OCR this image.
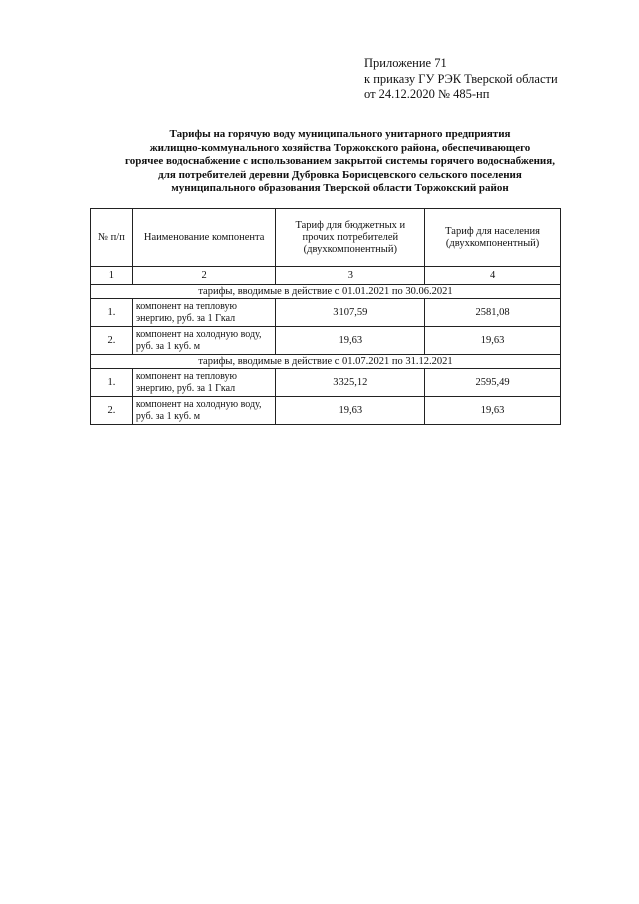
Приложение 71
к приказу ГУ РЭК Тверской области
от 24.12.2020 № 485-нп
Тарифы на горячую воду муниципального унитарного предприятия
жилищно-коммунального хозяйства Торжокского района, обеспечивающего
горячее водоснабжение с использованием закрытой системы горячего водоснабжения,
для потребителей деревни Дубровка Борисцевского сельского поселения
муниципального образования Тверской области Торжокский район
№ п/п	Наименование компонента	Тариф для бюджетных и прочих потребителей (двухкомпонентный)	Тариф для населения (двухкомпонентный)
1	2	3	4
тарифы, вводимые в действие с 01.01.2021 по 30.06.2021			
1.	компонент на тепловую энергию, руб. за 1 Гкал	3107,59	2581,08
2.	компонент на холодную воду, руб. за 1 куб. м	19,63	19,63
тарифы, вводимые в действие с 01.07.2021 по 31.12.2021			
1.	компонент на тепловую энергию, руб. за 1 Гкал	3325,12	2595,49
2.	компонент на холодную воду, руб. за 1 куб. м	19,63	19,63
